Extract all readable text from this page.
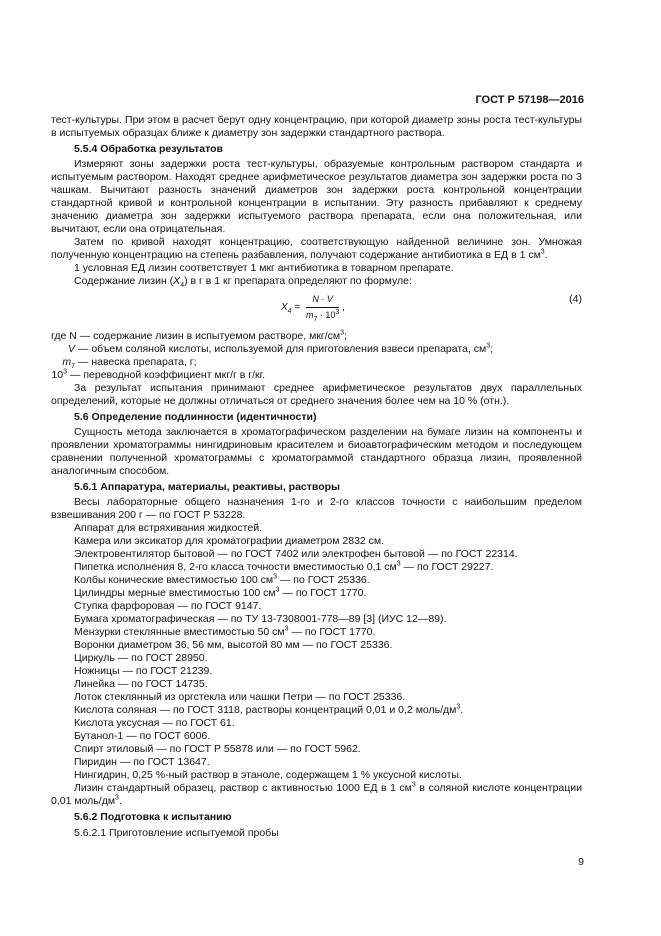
ГОСТ Р 57198—2016

тест-культуры. При этом в расчет берут одну концентрацию, при которой диаметр зоны роста тест-культуры в испытуемых образцах ближе к диаметру зон задержки стандартного раствора.

5.5.4 Обработка результатов

Измеряют зоны задержки роста тест-культуры, образуемые контрольным раствором стандарта и испытуемым раствором. Находят среднее арифметическое результатов диаметра зон задержки роста по 3 чашкам. Вычитают разность значений диаметров зон задержки роста контрольной концентрации стандартной кривой и контрольной концентрации в испытании. Эту разность прибавляют к среднему значению диаметра зон задержки испытуемого раствора препарата, если она положительная, или вычитают, если она отрицательная.

Затем по кривой находят концентрацию, соответствующую найденной величине зон. Умножая полученную концентрацию на степень разбавления, получают содержание антибиотика в ЕД в 1 $см^3$.

1 условная ЕД лизин соответствует 1 мкг антибиотика в товарном препарате.

Содержание лизин $(X_4)$ в г в 1 кг препарата определяют по формуле:

$X_4 = \frac{N \cdot V}{m_7 \cdot 10^3}$ ,
(4)

где N — содержание лизин в испытуемом растворе, мкг/$см^3$;

V — объем соляной кислоты, используемой для приготовления взвеси препарата, $см^3$;

$m_7$ — навеска препарата, г;

$10^3$ — переводной коэффициент мкг/г в г/кг.

За результат испытания принимают среднее арифметическое результатов двух параллельных определений, которые не должны отличаться от среднего значения более чем на 10 % (отн.).

5.6 Определение подлинности (идентичности)

Сущность метода заключается в хроматографическом разделении на бумаге лизин на компоненты и проявлении хроматограммы нингидриновым красителем и биоавтографическим методом и последующем сравнении полученной хроматограммы с хроматограммой стандартного образца лизин, проявленной аналогичным способом.

5.6.1 Аппаратура, материалы, реактивы, растворы

Весы лабораторные общего назначения 1-го и 2-го классов точности с наибольшим пределом взвешивания 200 г — по ГОСТ Р 53228.

Аппарат для встряхивания жидкостей.

Камера или эксикатор для хроматографии диаметром 2832 см.

Электровентилятор бытовой — по ГОСТ 7402 или электрофен бытовой — по ГОСТ 22314.

Пипетка исполнения 8, 2-го класса точности вместимостью 0,1 $см^3$ — по ГОСТ 29227.

Колбы конические вместимостью 100 $см^3$ — по ГОСТ 25336.

Цилиндры мерные вместимостью 100 $см^3$ — по ГОСТ 1770.

Ступка фарфоровая — по ГОСТ 9147.

Бумага хроматографическая — по ТУ 13-7308001-778—89 [3] (ИУС 12—89).

Мензурки стеклянные вместимостью 50 $см^3$ — по ГОСТ 1770.

Воронки диаметром 36, 56 мм, высотой 80 мм — по ГОСТ 25336.

Циркуль — по ГОСТ 28950.

Ножницы — по ГОСТ 21239.

Линейка — по ГОСТ 14735.

Лоток стеклянный из оргстекла или чашки Петри — по ГОСТ 25336.

Кислота соляная — по ГОСТ 3118, растворы концентраций 0,01 и 0,2 моль/$дм^3$.

Кислота уксусная — по ГОСТ 61.

Бутанол-1 — по ГОСТ 6006.

Спирт этиловый — по ГОСТ Р 55878 или — по ГОСТ 5962.

Пиридин — по ГОСТ 13647.

Нингидрин, 0,25 %-ный раствор в этаноле, содержащем 1 % уксусной кислоты.

Лизин стандартный образец, раствор с активностью 1000 ЕД в 1 $см^3$ в соляной кислоте концентрации 0,01 моль/$дм^3$.

5.6.2 Подготовка к испытанию

5.6.2.1 Приготовление испытуемой пробы

9
